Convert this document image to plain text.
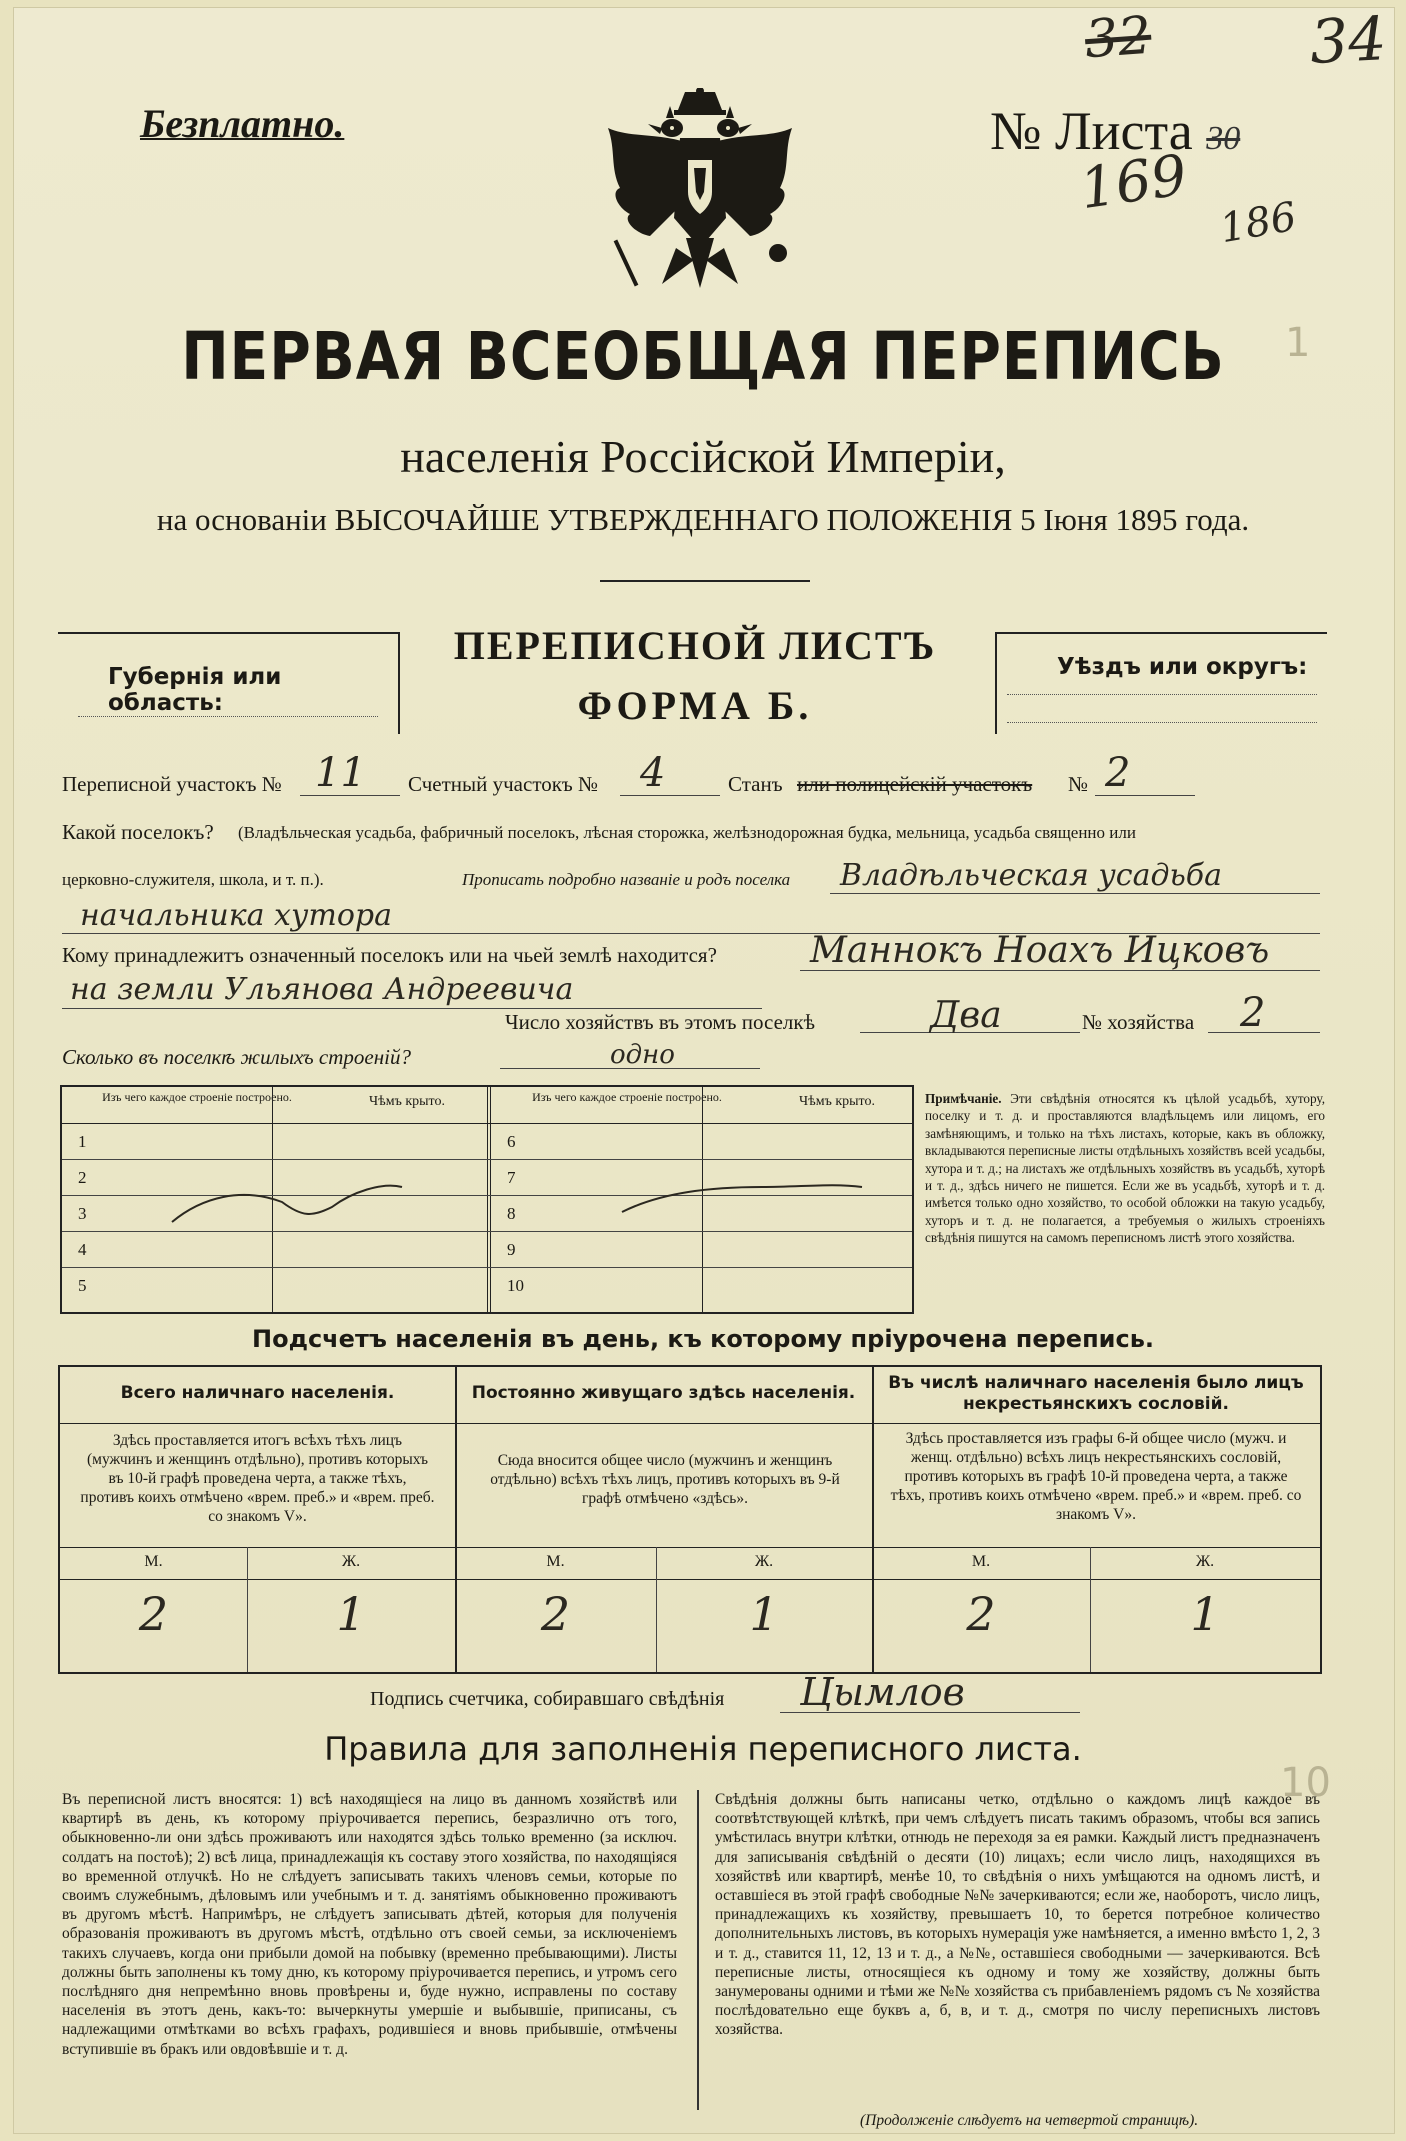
1
10
Безплатно.	№ Листа 30
169
32	34
186
ПЕРВАЯ ВСЕОБЩАЯ ПЕРЕПИСЬ
населенія Россійской Имперіи,
на основаніи ВЫСОЧАЙШЕ УТВЕРЖДЕННАГО ПОЛОЖЕНІЯ 5 Іюня 1895 года.
Губернія или область:
ПЕРЕПИСНОЙ ЛИСТЪ
ФОРМА Б.
Уѣздъ или округъ:
Переписной участокъ № 11 Счетный участокъ № 4	Станъ или полицейскій участокъ № 2
Какой поселокъ? (Владѣльческая усадьба, фабричный поселокъ, лѣсная сторожка, желѣзнодорожная будка, мельница, усадьба священно или
церковно-служителя, школа, и т. п.).	Прописать подробно названіе и родъ поселка Владѣльческая усадьба
начальника хутора
Кому принадлежитъ означенный поселокъ или на чьей землѣ находится?	Маннокъ Ноахъ Ицковъ
на земли Ульянова Андреевича
Число хозяйствъ въ этомъ поселкѣ	Два	№ хозяйства 2
Сколько въ поселкѣ жилыхъ строеній?	одно
Изъ чего каждое строеніе построено.	Чѣмъ крыто.	Изъ чего каждое строеніе построено.	Чѣмъ крыто.
1
2
3
4
5
6
7
8
9
10
Примѣчаніе. Эти свѣдѣнія относятся къ цѣлой усадьбѣ, хутору, поселку и т. д. и проставляются владѣльцемъ или лицомъ, его замѣняющимъ, и только на тѣхъ листахъ, которые, какъ въ обложку, вкладываются переписные листы отдѣльныхъ хозяйствъ всей усадьбы, хутора и т. д.; на листахъ же отдѣльныхъ хозяйствъ въ усадьбѣ, хуторѣ и т. д., здѣсь ничего не пишется. Если же въ усадьбѣ, хуторѣ и т. д. имѣется только одно хозяйство, то особой обложки на такую усадьбу, хуторъ и т. д. не полагается, а требуемыя о жилыхъ строеніяхъ свѣдѣнія пишутся на самомъ переписномъ листѣ этого хозяйства.
Подсчетъ населенія въ день, къ которому пріурочена перепись.
Всего наличнаго населенія.	Постоянно живущаго здѣсь населенія.	Въ числѣ наличнаго населенія было лицъ некрестьянскихъ сословій.
Здѣсь проставляется итогъ всѣхъ тѣхъ лицъ (мужчинъ и женщинъ отдѣльно), противъ которыхъ въ 10-й графѣ проведена черта, а также тѣхъ, противъ коихъ отмѣчено «врем. преб.» и «врем. преб. со знакомъ V».
Сюда вносится общее число (мужчинъ и женщинъ отдѣльно) всѣхъ тѣхъ лицъ, противъ которыхъ въ 9-й графѣ отмѣчено «здѣсь».
Здѣсь проставляется изъ графы 6-й общее число (мужч. и женщ. отдѣльно) всѣхъ лицъ некрестьянскихъ сословій, противъ которыхъ въ графѣ 10-й проведена черта, а также тѣхъ, противъ коихъ отмѣчено «врем. преб.» и «врем. преб. со знакомъ V».
М.	Ж.	М.	Ж.	М.	Ж.
2	1	2	1	2	1
Подпись счетчика, собиравшаго свѣдѣнія Цымлов
Правила для заполненія переписного листа.
Въ переписной листъ вносятся: 1) всѣ находящіеся на лицо въ данномъ хозяйствѣ или квартирѣ въ день, къ которому пріурочивается перепись, безразлично отъ того, обыкновенно-ли они здѣсь проживаютъ или находятся здѣсь только временно (за исключ. солдатъ на постоѣ); 2) всѣ лица, принадлежащія къ составу этого хозяйства, по находящіяся во временной отлучкѣ. Но не слѣдуетъ записывать такихъ членовъ семьи, которые по своимъ служебнымъ, дѣловымъ или учебнымъ и т. д. занятіямъ обыкновенно проживаютъ въ другомъ мѣстѣ. Напримѣръ, не слѣдуетъ записывать дѣтей, которыя для полученія образованія проживаютъ въ другомъ мѣстѣ, отдѣльно отъ своей семьи, за исключеніемъ такихъ случаевъ, когда они прибыли домой на побывку (временно пребывающими). Листы должны быть заполнены къ тому дню, къ которому пріурочивается перепись, и утромъ сего послѣдняго дня непремѣнно вновь провѣрены и, буде нужно, исправлены по составу населенія въ этотъ день, какъ-то: вычеркнуты умершіе и выбывшіе, приписаны, съ надлежащими отмѣтками во всѣхъ графахъ, родившіеся и вновь прибывшіе, отмѣчены вступившіе въ бракъ или овдовѣвшіе и т. д.
Свѣдѣнія должны быть написаны четко, отдѣльно о каждомъ лицѣ каждое въ соотвѣтствующей клѣткѣ, при чемъ слѣдуетъ писать такимъ образомъ, чтобы вся запись умѣстилась внутри клѣтки, отнюдь не переходя за ея рамки. Каждый листъ предназначенъ для записыванія свѣдѣній о десяти (10) лицахъ; если число лицъ, находящихся въ хозяйствѣ или квартирѣ, менѣе 10, то свѣдѣнія о нихъ умѣщаются на одномъ листѣ, и оставшіеся въ этой графѣ свободные №№ зачеркиваются; если же, наоборотъ, число лицъ, принадлежащихъ къ хозяйству, превышаетъ 10, то берется потребное количество дополнительныхъ листовъ, въ которыхъ нумерація уже намѣняется, а именно вмѣсто 1, 2, 3 и т. д., ставится 11, 12, 13 и т. д., а №№, оставшіеся свободными — зачеркиваются. Всѣ переписные листы, относящіеся къ одному и тому же хозяйству, должны быть занумерованы одними и тѣми же №№ хозяйства съ прибавленіемъ рядомъ съ № хозяйства послѣдовательно еще буквъ а, б, в, и т. д., смотря по числу переписныхъ листовъ хозяйства.
(Продолженіе слѣдуетъ на четвертой страницѣ).
